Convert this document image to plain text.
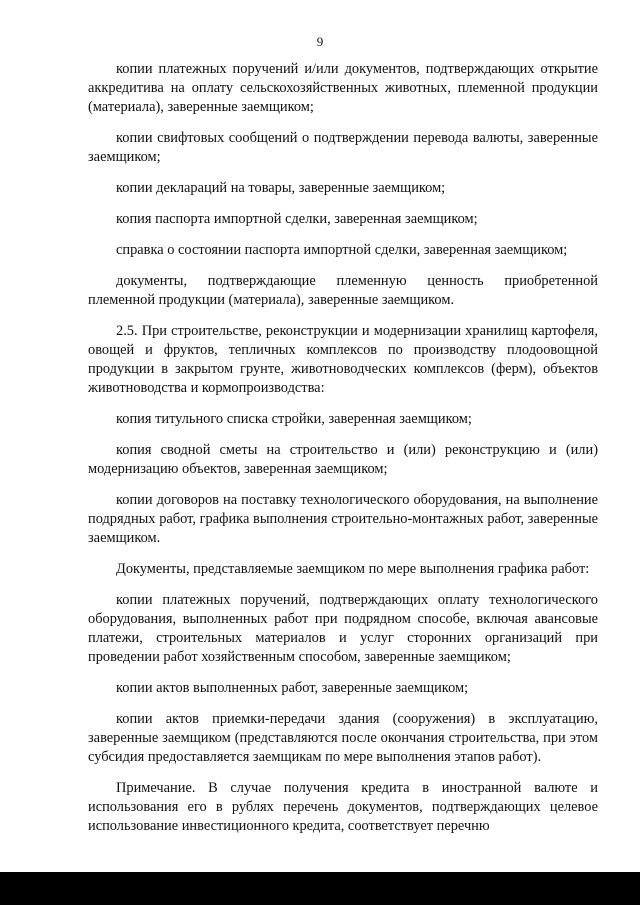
9

копии платежных поручений и/или документов, подтверждающих открытие аккредитива на оплату сельскохозяйственных животных, племенной продукции (материала), заверенные заемщиком;

копии свифтовых сообщений о подтверждении перевода валюты, заверенные заемщиком;

копии деклараций на товары, заверенные заемщиком;

копия паспорта импортной сделки, заверенная заемщиком;

справка о состоянии паспорта импортной сделки, заверенная заемщиком;

документы, подтверждающие племенную ценность приобретенной племенной продукции (материала), заверенные заемщиком.

2.5. При строительстве, реконструкции и модернизации хранилищ картофеля, овощей и фруктов, тепличных комплексов по производству плодоовощной продукции в закрытом грунте, животноводческих комплексов (ферм), объектов животноводства и кормопроизводства:

копия титульного списка стройки, заверенная заемщиком;

копия сводной сметы на строительство и (или) реконструкцию и (или) модернизацию объектов, заверенная заемщиком;

копии договоров на поставку технологического оборудования, на выполнение подрядных работ, графика выполнения строительно-монтажных работ, заверенные заемщиком.

Документы, представляемые заемщиком по мере выполнения графика работ:

копии платежных поручений, подтверждающих оплату технологического оборудования, выполненных работ при подрядном способе, включая авансовые платежи, строительных материалов и услуг сторонних организаций при проведении работ хозяйственным способом, заверенные заемщиком;

копии актов выполненных работ, заверенные заемщиком;

копии актов приемки-передачи здания (сооружения) в эксплуатацию, заверенные заемщиком (представляются после окончания строительства, при этом субсидия предоставляется заемщикам по мере выполнения этапов работ).

Примечание. В случае получения кредита в иностранной валюте и использования его в рублях перечень документов, подтверждающих целевое использование инвестиционного кредита, соответствует перечню
